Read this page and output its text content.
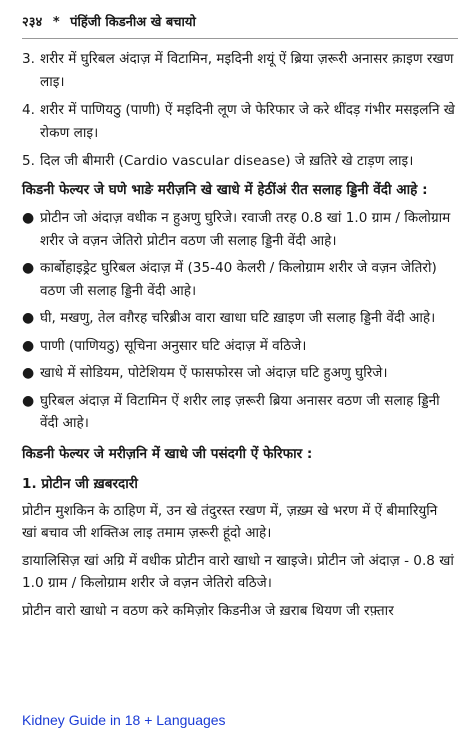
२३४ * पंहिंजी किडनीअ खे बचायो
3. शरीर में घुरिबल अंदाज़ में विटामिन, मइदिनी शयूं ऐं ब्रिया ज़रूरी अनासर क़ाइण रखण लाइ।
4. शरीर में पाणियठु (पाणी) ऐं मइदिनी लूण जे फेरिफार जे करे थींदड़ गंभीर मसइलनि खे रोकण लाइ।
5. दिल जी बीमारी (Cardio vascular disease) जे ख़तिरे खे टाड़ण लाइ।
किडनी फेल्यर जे घणे भाङे मरीज़नि खे खाधे में हेठींअं रीत सलाह ड्डिनी वेंदी आहे :
● प्रोटीन जो अंदाज़ वधीक न हुअणु घुरिजे। रवाजी तरह 0.8 खां 1.0 ग्राम / किलोग्राम शरीर जे वज़न जेतिरो प्रोटीन वठण जी सलाह ड्डिनी वेंदी आहे।
● कार्बोहाइड्रेट घुरिबल अंदाज़ में (35-40 केलरी / किलोग्राम शरीर जे वज़न जेतिरो) वठण जी सलाह ड्डिनी वेंदी आहे।
● घी, मखणु, तेल वग़ैरह चरिब्रीअ वारा खाधा घटि ख़ाइण जी सलाह ड्डिनी वेंदी आहे।
● पाणी (पाणियठु) सूचिना अनुसार घटि अंदाज़ में वठिजे।
● खाधे में सोडियम, पोटेशियम ऐं फासफोरस जो अंदाज़ घटि हुअणु घुरिजे।
● घुरिबल अंदाज़ में विटामिन ऐं शरीर लाइ ज़रूरी ब्रिया अनासर वठण जी सलाह ड्डिनी वेंदी आहे।
किडनी फेल्यर जे मरीज़नि में खाधे जी पसंदगी ऐं फेरिफार :
1. प्रोटीन जी ख़बरदारी

प्रोटीन मुशकिन के ठाहिण में, उन खे तंदुरस्त रखण में, ज़ख़्म खे भरण में ऐं बीमारियुनि खां बचाव जी शक्तिअ लाइ तमाम ज़रूरी हूंदो आहे।

डायालिसिज़ खां अग्रि में वधीक प्रोटीन वारो खाधो न खाइजे। प्रोटीन जो अंदाज़ - 0.8 खां 1.0 ग्राम / किलोग्राम शरीर जे वज़न जेतिरो वठिजे।

प्रोटीन वारो खाधो न वठण करे कमिज़ोर किडनीअ जे ख़राब थियण जी रफ़्तार

Kidney Guide in 18 + Languages
